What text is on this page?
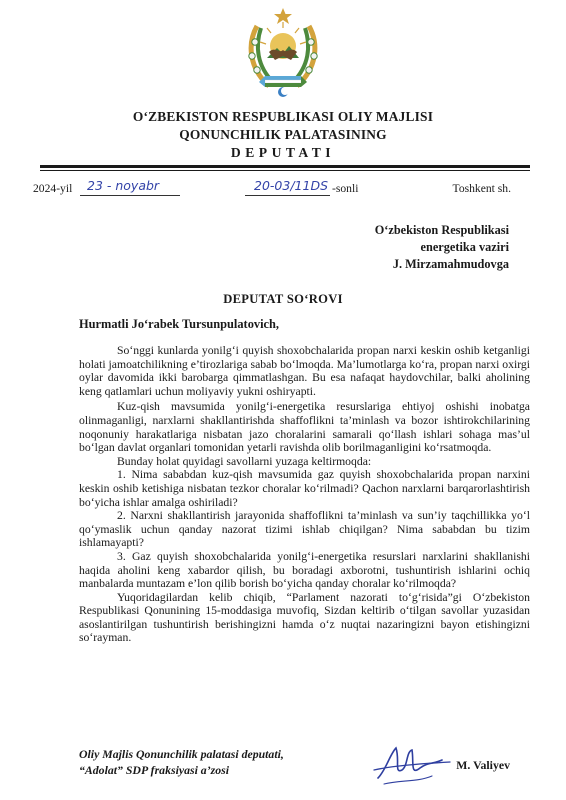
O‘ZBEKISTON RESPUBLIKASI OLIY MAJLISI
QONUNCHILIK PALATASINING
DEPUTATI
2024-yil 23 - noyabr	20-03/11DS -sonli	Toshkent sh.
O‘zbekiston Respublikasi
energetika vaziri
J. Mirzamahmudovga
DEPUTAT SO‘ROVI
Hurmatli Jo‘rabek Tursunpulatovich,

So‘nggi kunlarda yonilg‘i quyish shoxobchalarida propan narxi keskin oshib ketganligi holati jamoatchilikning e’tirozlariga sabab bo‘lmoqda. Ma’lumotlarga ko‘ra, propan narxi oxirgi oylar davomida ikki barobarga qimmatlashgan. Bu esa nafaqat haydovchilar, balki aholining keng qatlamlari uchun moliyaviy yukni oshiryapti.

Kuz-qish mavsumida yonilg‘i-energetika resurslariga ehtiyoj oshishi inobatga olinmaganligi, narxlarni shakllantirishda shaffoflikni ta’minlash va bozor ishtirokchilarining noqonuniy harakatlariga nisbatan jazo choralarini samarali qo‘llash ishlari sohaga mas’ul bo‘lgan davlat organlari tomonidan yetarli ravishda olib borilmaganligini ko‘rsatmoqda.

Bunday holat quyidagi savollarni yuzaga keltirmoqda:

1. Nima sababdan kuz-qish mavsumida gaz quyish shoxobchalarida propan narxini keskin oshib ketishiga nisbatan tezkor choralar ko‘rilmadi? Qachon narxlarni barqarorlashtirish bo‘yicha ishlar amalga oshiriladi?

2. Narxni shakllantirish jarayonida shaffoflikni ta’minlash va sun’iy taqchillikka yo‘l qo‘ymaslik uchun qanday nazorat tizimi ishlab chiqilgan? Nima sababdan bu tizim ishlamayapti?

3. Gaz quyish shoxobchalarida yonilg‘i-energetika resurslari narxlarini shakllanishi haqida aholini keng xabardor qilish, bu boradagi axborotni, tushuntirish ishlarini ochiq manbalarda muntazam e’lon qilib borish bo‘yicha qanday choralar ko‘rilmoqda?

Yuqoridagilardan kelib chiqib, “Parlament nazorati to‘g‘risida”gi O‘zbekiston Respublikasi Qonunining 15-moddasiga muvofiq, Sizdan keltirib o‘tilgan savollar yuzasidan asoslantirilgan tushuntirish berishingizni hamda o‘z nuqtai nazaringizni bayon etishingizni so‘rayman.

Oliy Majlis Qonunchilik palatasi deputati,
“Adolat” SDP fraksiyasi a’zosi	M. Valiyev
